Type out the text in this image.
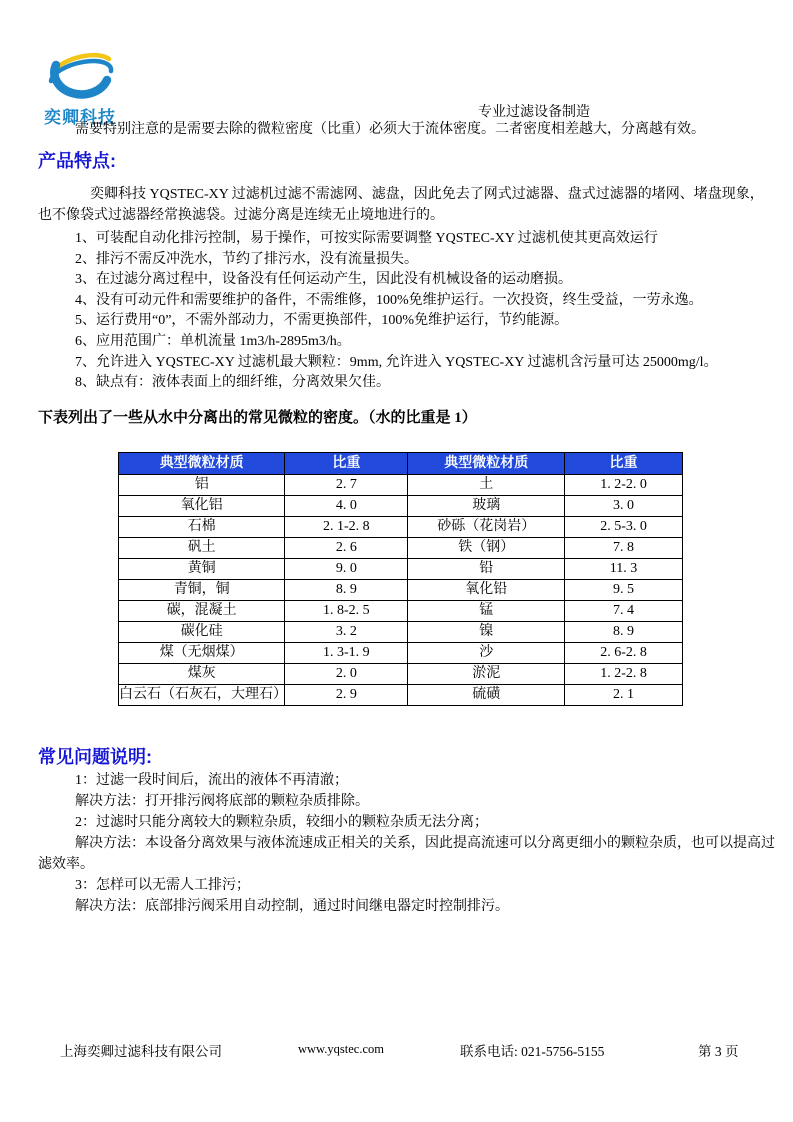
奕卿科技	专业过滤设备制造
需要特别注意的是需要去除的微粒密度（比重）必须大于流体密度。二者密度相差越大，分离越有效。
产品特点:
奕卿科技 YQSTEC-XY 过滤机过滤不需滤网、滤盘，因此免去了网式过滤器、盘式过滤器的堵网、堵盘现象，也不像袋式过滤器经常换滤袋。过滤分离是连续无止境地进行的。
1、可装配自动化排污控制，易于操作，可按实际需要调整 YQSTEC-XY 过滤机使其更高效运行
2、排污不需反冲洗水，节约了排污水，没有流量损失。
3、在过滤分离过程中，设备没有任何运动产生，因此没有机械设备的运动磨损。
4、没有可动元件和需要维护的备件，不需维修，100%免维护运行。一次投资，终生受益，一劳永逸。
5、运行费用“0”，不需外部动力，不需更换部件，100%免维护运行，节约能源。
6、应用范围广：单机流量 1m3/h-2895m3/h。
7、允许进入 YQSTEC-XY 过滤机最大颗粒：9mm, 允许进入 YQSTEC-XY 过滤机含污量可达 25000mg/l。
8、缺点有：液体表面上的细纤维，分离效果欠佳。
下表列出了一些从水中分离出的常见微粒的密度。（水的比重是 1）
典型微粒材质	比重	典型微粒材质	比重
铝	2. 7	土	1. 2-2. 0
氧化铝	4. 0	玻璃	3. 0
石棉	2. 1-2. 8	砂砾（花岗岩）	2. 5-3. 0
矾土	2. 6	铁（钢）	7. 8
黄铜	9. 0	铅	11. 3
青铜，铜	8. 9	氧化铅	9. 5
碳，混凝土	1. 8-2. 5	锰	7. 4
碳化硅	3. 2	镍	8. 9
煤（无烟煤）	1. 3-1. 9	沙	2. 6-2. 8
煤灰	2. 0	淤泥	1. 2-2. 8
白云石（石灰石，大理石）	2. 9	硫磺	2. 1
常见问题说明:
1：过滤一段时间后，流出的液体不再清澈；
解决方法：打开排污阀将底部的颗粒杂质排除。
2：过滤时只能分离较大的颗粒杂质，较细小的颗粒杂质无法分离；
解决方法：本设备分离效果与液体流速成正相关的关系，因此提高流速可以分离更细小的颗粒杂质，也可以提高过滤效率。
3：怎样可以无需人工排污；
解决方法：底部排污阀采用自动控制，通过时间继电器定时控制排污。
上海奕卿过滤科技有限公司	www.yqstec.com	联系电话: 021-5756-5155	第 3 页
